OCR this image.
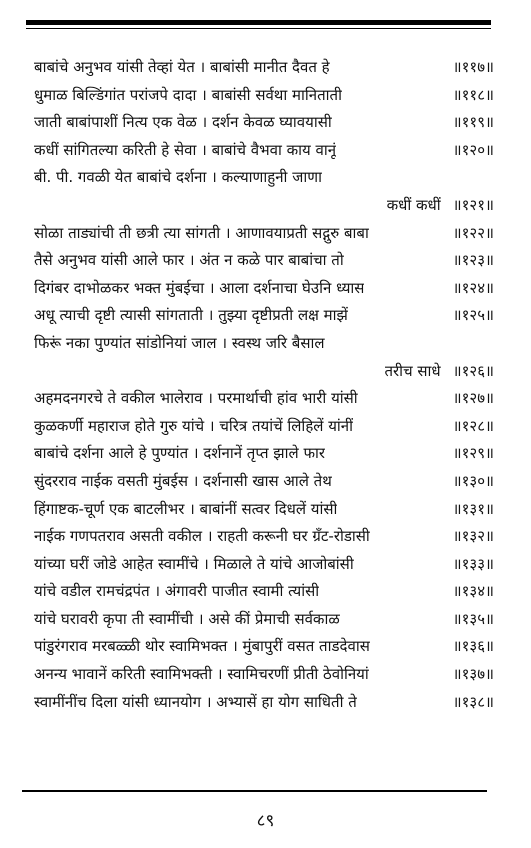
बाबांचे अनुभव यांसी तेव्हां येत । बाबांसी मानीत दैवत हे	॥११७॥
धुमाळ बिल्डिंगांत परांजपे दादा । बाबांसी सर्वथा मानिताती	॥११८॥
जाती बाबांपाशीं नित्य एक वेळ । दर्शन केवळ घ्यावयासी	॥११९॥
कधीं सांगितल्या करिती हे सेवा । बाबांचे वैभवा काय वानूं	॥१२०॥
बी. पी. गवळी येत बाबांचे दर्शना । कल्याणाहुनी जाणा
कधीं कधीं ॥१२१॥
सोळा ताड्यांची ती छत्री त्या सांगती । आणावयाप्रती सद्गुरु बाबा	॥१२२॥
तैसे अनुभव यांसी आले फार । अंत न कळे पार बाबांचा तो	॥१२३॥
दिगंबर दाभोळकर भक्त मुंबईचा । आला दर्शनाचा घेउनि ध्यास	॥१२४॥
अधू त्याची दृष्टी त्यासी सांगताती । तुझ्या दृष्टीप्रती लक्ष माझें	॥१२५॥
फिरूं नका पुण्यांत सांडोनियां जाल । स्वस्थ जरि बैसाल
तरीच साधे ॥१२६॥
अहमदनगरचे ते वकील भालेराव । परमार्थाची हांव भारी यांसी	॥१२७॥
कुळकर्णी महाराज होते गुरु यांचे । चरित्र तयांचें लिहिलें यांनीं	॥१२८॥
बाबांचे दर्शना आले हे पुण्यांत । दर्शनानें तृप्त झाले फार	॥१२९॥
सुंदरराव नाईक वसती मुंबईस । दर्शनासी खास आले तेथ	॥१३०॥
हिंगाष्टक-चूर्ण एक बाटलीभर । बाबांनीं सत्वर दिधलें यांसी	॥१३१॥
नाईक गणपतराव असती वकील । राहती करूनी घर ग्रँट-रोडासी	॥१३२॥
यांच्या घरीं जोडे आहेत स्वामींचे । मिळाले ते यांचे आजोबांसी	॥१३३॥
यांचे वडील रामचंद्रपंत । अंगावरी पाजीत स्वामी त्यांसी	॥१३४॥
यांचे घरावरी कृपा ती स्वामींची । असे कीं प्रेमाची सर्वकाळ	॥१३५॥
पांडुरंगराव मरबळ्ळी थोर स्वामिभक्त । मुंबापुरीं वसत ताडदेवास	॥१३६॥
अनन्य भावानें करिती स्वामिभक्ती । स्वामिचरणीं प्रीती ठेवोनियां	॥१३७॥
स्वामींनींच दिला यांसी ध्यानयोग । अभ्यासें हा योग साधिती ते	॥१३८॥
८९
